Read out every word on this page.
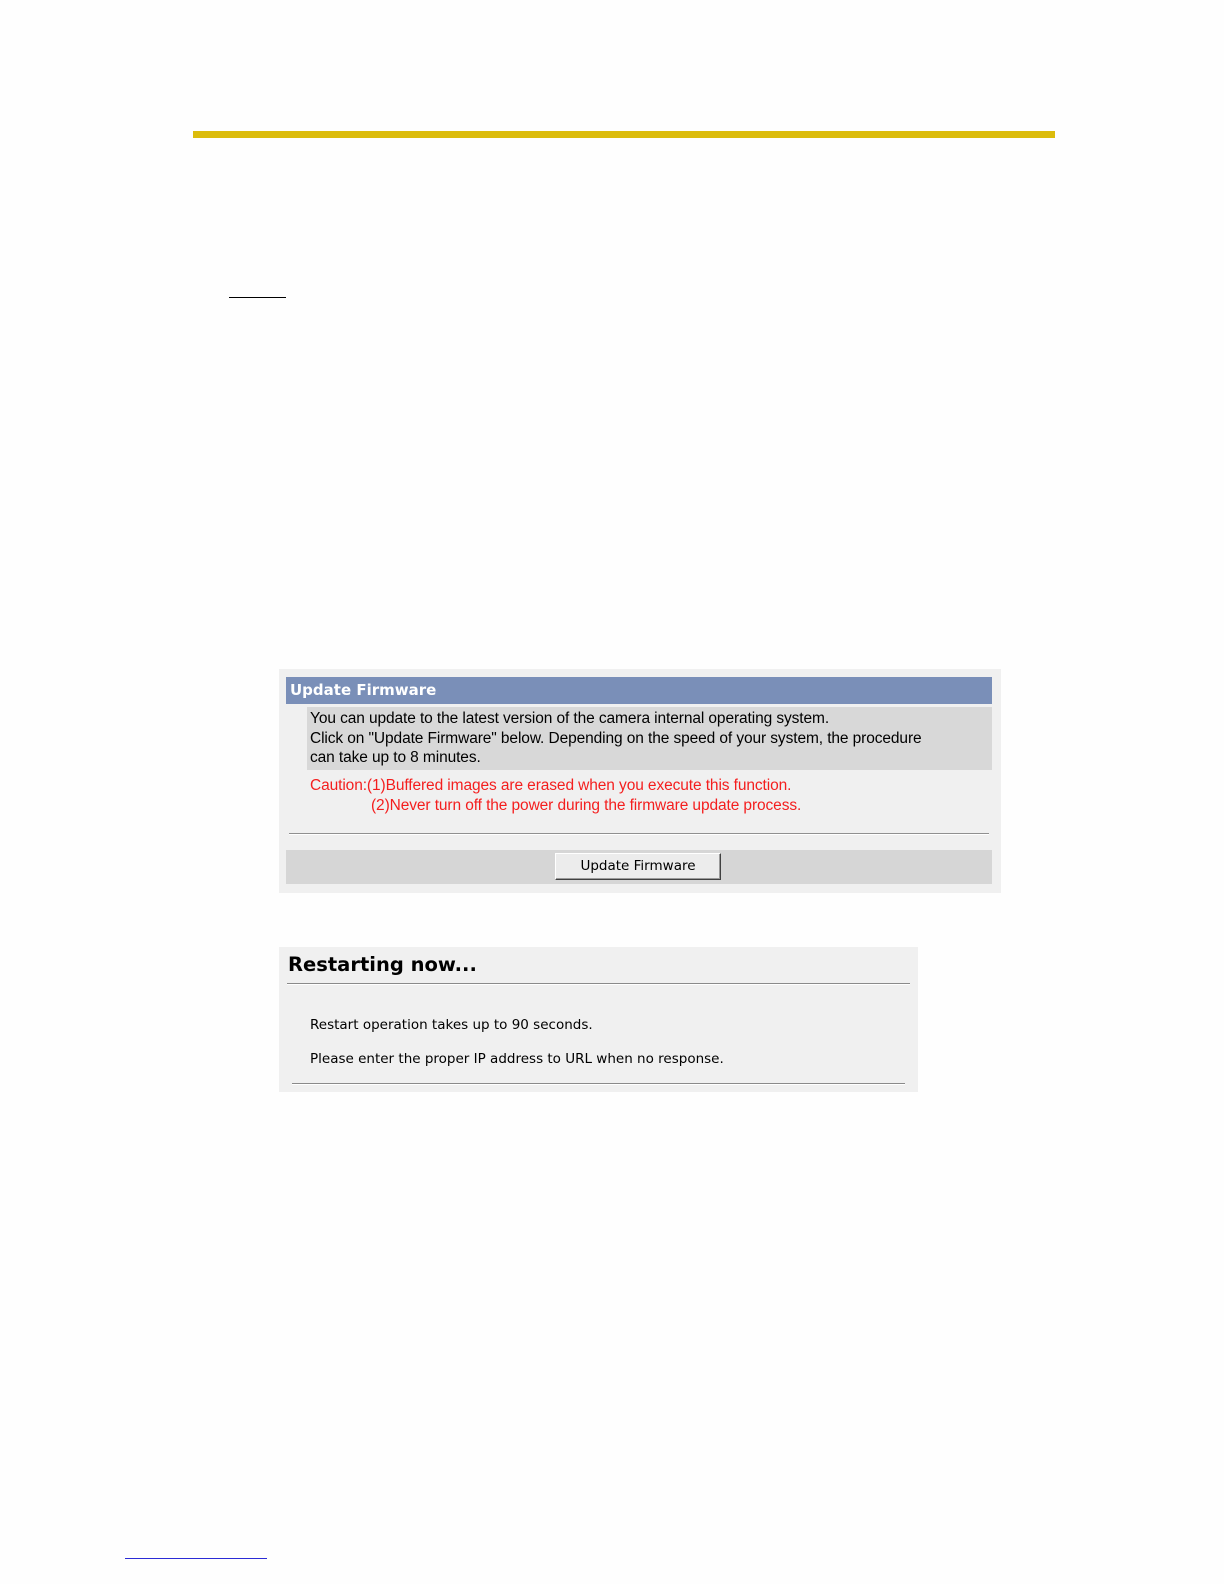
Update Firmware
You can update to the latest version of the camera internal operating system.
Click on "Update Firmware" below. Depending on the speed of your system, the procedure
can take up to 8 minutes.
Caution:(1)Buffered images are erased when you execute this function.
(2)Never turn off the power during the firmware update process.
Update Firmware
Restarting now...
Restart operation takes up to 90 seconds.
Please enter the proper IP address to URL when no response.
